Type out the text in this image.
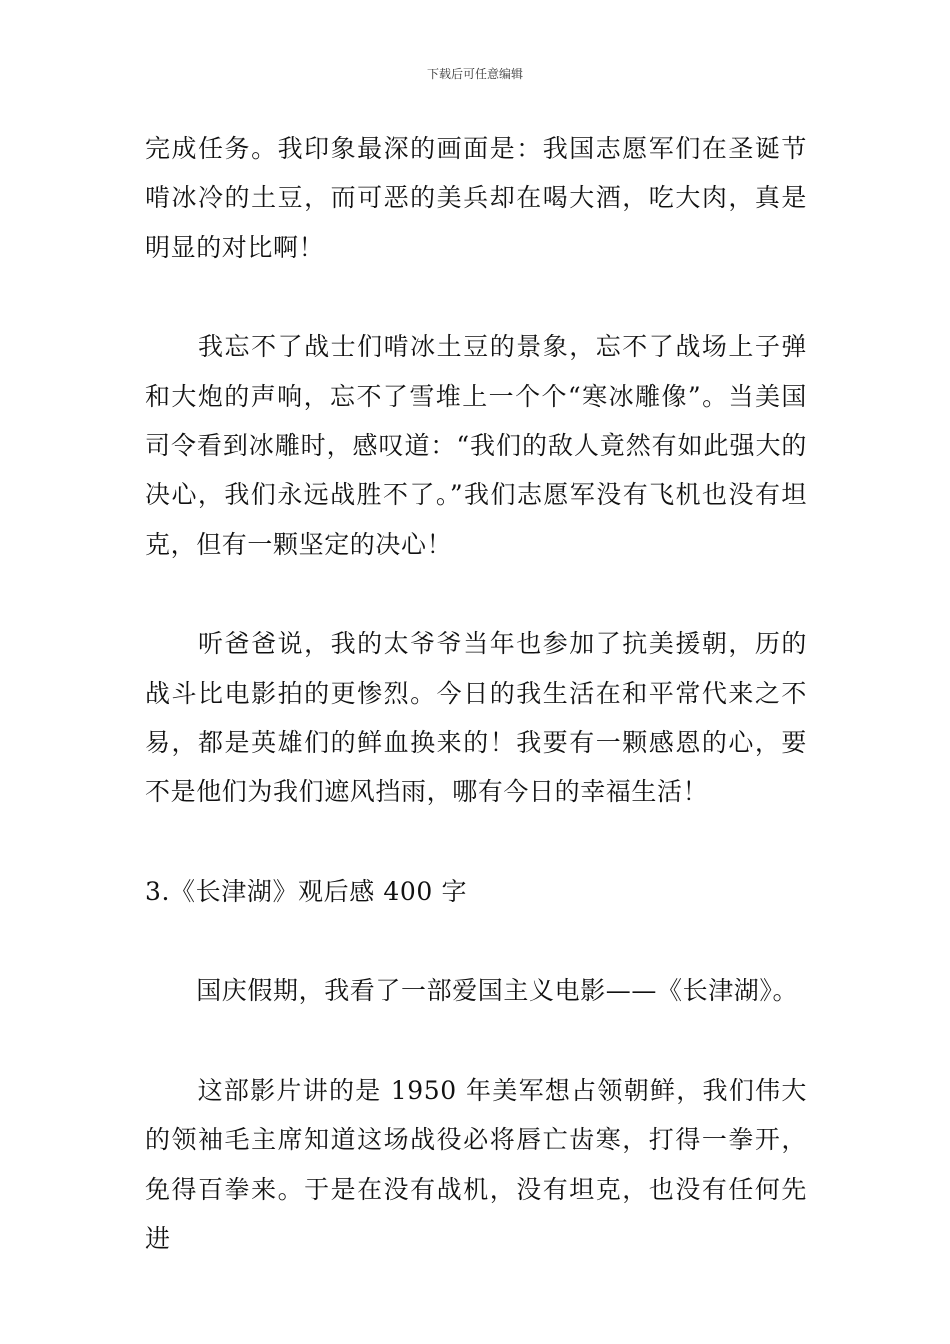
下载后可任意编辑

完成任务。我印象最深的画面是：我国志愿军们在圣诞节啃冰冷的土豆，而可恶的美兵却在喝大酒，吃大肉，真是明显的对比啊！

　　我忘不了战士们啃冰土豆的景象，忘不了战场上子弹和大炮的声响，忘不了雪堆上一个个“寒冰雕像”。当美国司令看到冰雕时，感叹道：“我们的敌人竟然有如此强大的决心，我们永远战胜不了。”我们志愿军没有飞机也没有坦克，但有一颗坚定的决心！

　　听爸爸说，我的太爷爷当年也参加了抗美援朝，历的战斗比电影拍的更惨烈。今日的我生活在和平常代来之不易，都是英雄们的鲜血换来的！我要有一颗感恩的心，要不是他们为我们遮风挡雨，哪有今日的幸福生活！

3.《长津湖》观后感 400 字

　　国庆假期，我看了一部爱国主义电影——《长津湖》。

　　这部影片讲的是 1950 年美军想占领朝鲜，我们伟大的领袖毛主席知道这场战役必将唇亡齿寒，打得一拳开，免得百拳来。于是在没有战机，没有坦克，也没有任何先进
